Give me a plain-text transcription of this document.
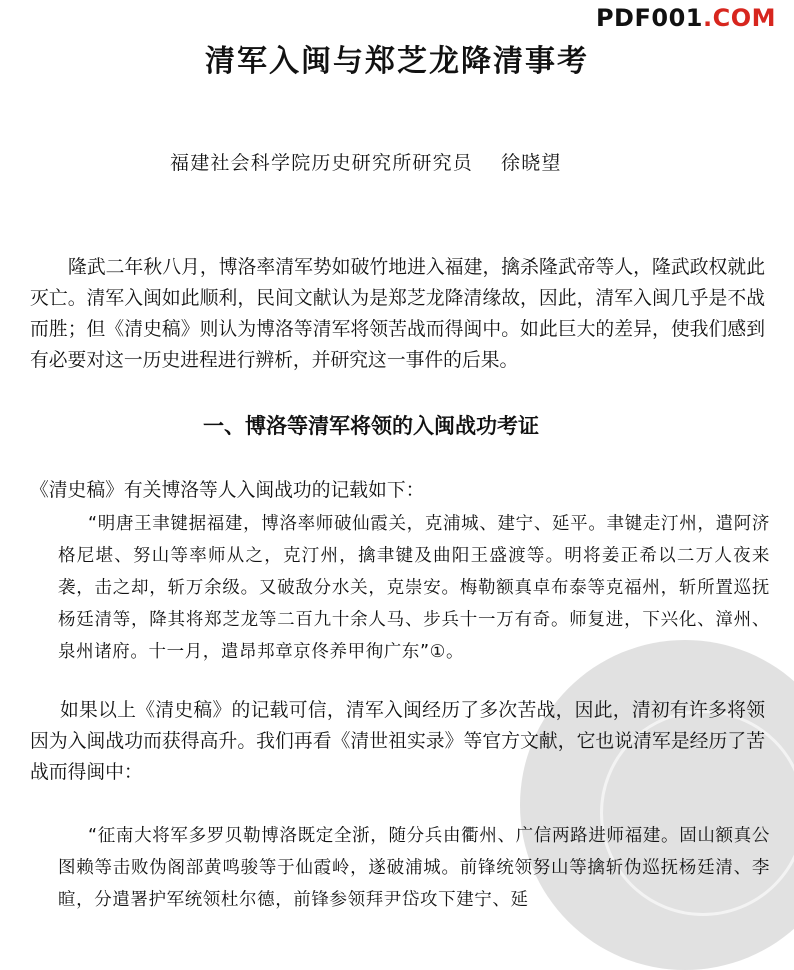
PDF001.COM
清军入闽与郑芝龙降清事考
福建社会科学院历史研究所研究员 徐晓望

隆武二年秋八月，博洛率清军势如破竹地进入福建，擒杀隆武帝等人，隆武政权就此灭亡。清军入闽如此顺利，民间文献认为是郑芝龙降清缘故，因此，清军入闽几乎是不战而胜；但《清史稿》则认为博洛等清军将领苦战而得闽中。如此巨大的差异，使我们感到有必要对这一历史进程进行辨析，并研究这一事件的后果。

一、博洛等清军将领的入闽战功考证

《清史稿》有关博洛等人入闽战功的记载如下：

“明唐王聿键据福建，博洛率师破仙霞关，克浦城、建宁、延平。聿键走汀州，遣阿济格尼堪、努山等率师从之，克汀州，擒聿键及曲阳王盛渡等。明将姜正希以二万人夜来袭，击之却，斩万余级。又破敌分水关，克崇安。梅勒额真卓布泰等克福州，斩所置巡抚杨廷清等，降其将郑芝龙等二百九十余人马、步兵十一万有奇。师复进，下兴化、漳州、泉州诸府。十一月，遣昂邦章京佟养甲徇广东”①。

如果以上《清史稿》的记载可信，清军入闽经历了多次苦战，因此，清初有许多将领因为入闽战功而获得高升。我们再看《清世祖实录》等官方文献，它也说清军是经历了苦战而得闽中：

“征南大将军多罗贝勒博洛既定全浙，随分兵由衢州、广信两路进师福建。固山额真公图赖等击败伪阁部黄鸣骏等于仙霞岭，遂破浦城。前锋统领努山等擒斩伪巡抚杨廷清、李暄，分遣署护军统领杜尔德，前锋参领拜尹岱攻下建宁、延
